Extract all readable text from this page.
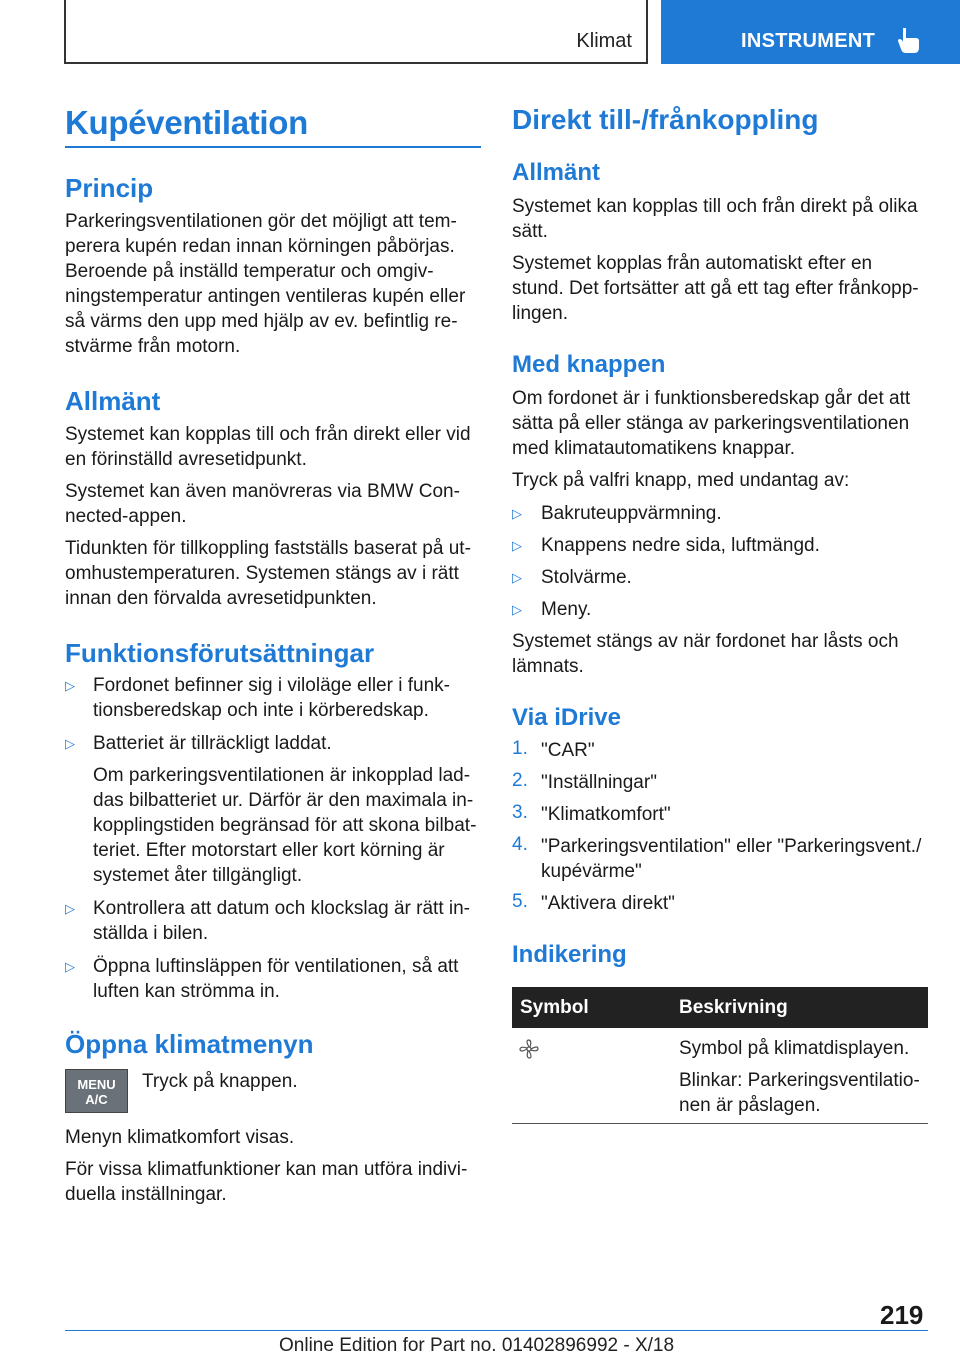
Klimat	INSTRUMENT
Kupéventilation
Princip
Parkeringsventilationen gör det möjligt att tem-
perera kupén redan innan körningen påbörjas.
Beroende på inställd temperatur och omgiv-
ningstemperatur antingen ventileras kupén eller
så värms den upp med hjälp av ev. befintlig re-
stvärme från motorn.
Allmänt
Systemet kan kopplas till och från direkt eller vid
en förinställd avresetidpunkt.
Systemet kan även manövreras via BMW Con-
nected-appen.
Tidunkten för tillkoppling fastställs baserat på ut-
omhustemperaturen. Systemen stängs av i rätt
innan den förvalda avresetidpunkten.
Funktionsförutsättningar
▷ Fordonet befinner sig i viloläge eller i funk-
tionsberedskap och inte i körberedskap.
▷ Batteriet är tillräckligt laddat.
Om parkeringsventilationen är inkopplad lad-
das bilbatteriet ur. Därför är den maximala in-
kopplingstiden begränsad för att skona bilbat-
teriet. Efter motorstart eller kort körning är
systemet åter tillgängligt.
▷ Kontrollera att datum och klockslag är rätt in-
ställda i bilen.
▷ Öppna luftinsläppen för ventilationen, så att
luften kan strömma in.
Öppna klimatmenyn
MENU
A/C
Tryck på knappen.
Menyn klimatkomfort visas.
För vissa klimatfunktioner kan man utföra indivi-
duella inställningar.
Direkt till-/frånkoppling
Allmänt
Systemet kan kopplas till och från direkt på olika
sätt.
Systemet kopplas från automatiskt efter en
stund. Det fortsätter att gå ett tag efter frånkopp-
lingen.
Med knappen
Om fordonet är i funktionsberedskap går det att
sätta på eller stänga av parkeringsventilationen
med klimatautomatikens knappar.
Tryck på valfri knapp, med undantag av:
▷ Bakruteuppvärmning.
▷ Knappens nedre sida, luftmängd.
▷ Stolvärme.
▷ Meny.
Systemet stängs av när fordonet har låsts och
lämnats.
Via iDrive
1. "CAR"
2. "Inställningar"
3. "Klimatkomfort"
4. "Parkeringsventilation" eller "Parkeringsvent./
kupévärme"
5. "Aktivera direkt"
Indikering
Symbol	Beskrivning
Symbol på klimatdisplayen.
Blinkar: Parkeringsventilatio-
nen är påslagen.
219
Online Edition for Part no. 01402896992 - X/18
